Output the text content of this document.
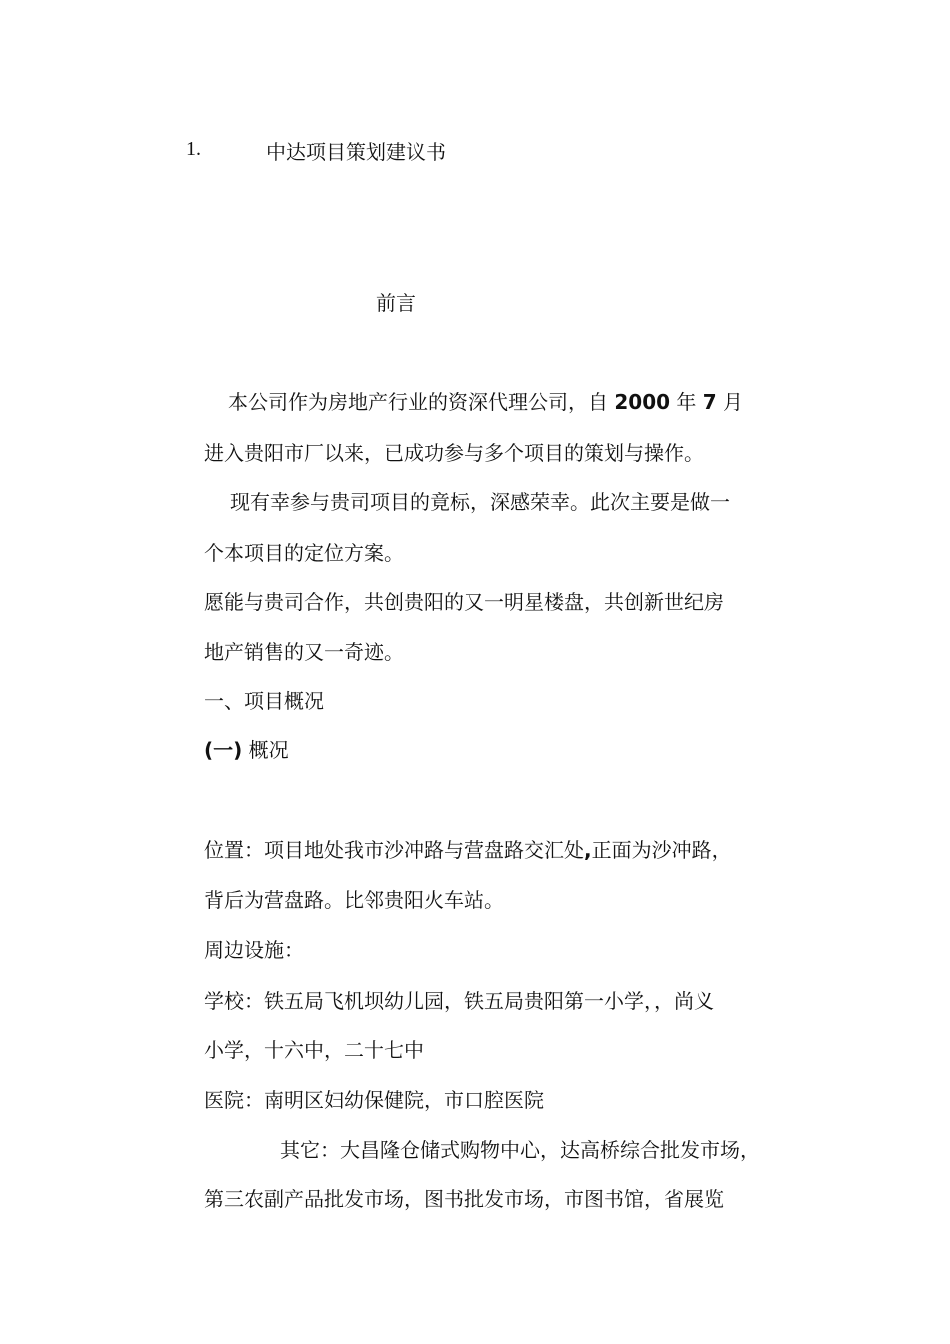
1.	中达项目策划建议书
前言
本公司作为房地产行业的资深代理公司，自 2000 年 7 月
进入贵阳市厂以来，已成功参与多个项目的策划与操作。
现有幸参与贵司项目的竟标，深感荣幸。此次主要是做一
个本项目的定位方案。
愿能与贵司合作，共创贵阳的又一明星楼盘，共创新世纪房
地产销售的又一奇迹。
一、项目概况
(一) 概况
位置：项目地处我市沙冲路与营盘路交汇处,正面为沙冲路，
背后为营盘路。比邻贵阳火车站。
周边设施：
学校：铁五局飞机坝幼儿园，铁五局贵阳第一小学，，尚义
小学，十六中，二十七中
医院：南明区妇幼保健院，市口腔医院
其它：大昌隆仓储式购物中心，达高桥综合批发市场，
第三农副产品批发市场，图书批发市场，市图书馆，省展览
